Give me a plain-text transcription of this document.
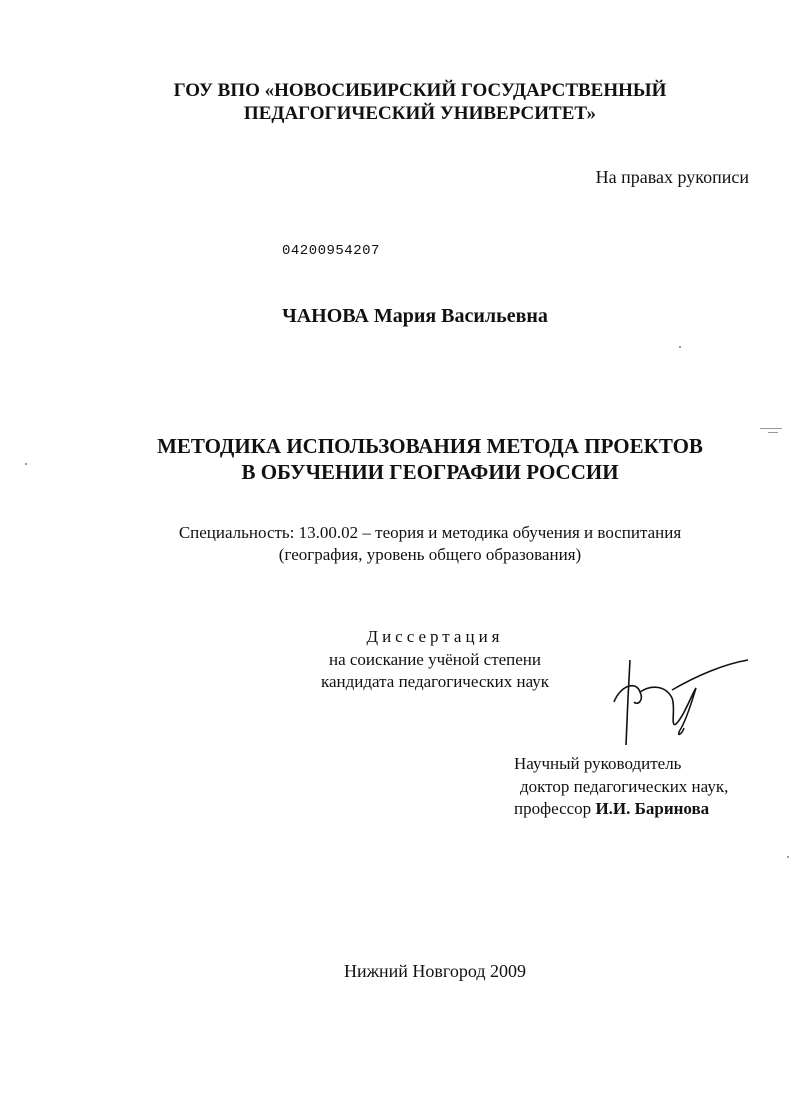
ГОУ ВПО «НОВОСИБИРСКИЙ ГОСУДАРСТВЕННЫЙ
ПЕДАГОГИЧЕСКИЙ УНИВЕРСИТЕТ»
На правах рукописи
04200954207
ЧАНОВА Мария Васильевна
МЕТОДИКА ИСПОЛЬЗОВАНИЯ МЕТОДА ПРОЕКТОВ
В ОБУЧЕНИИ ГЕОГРАФИИ РОССИИ
Специальность: 13.00.02 – теория и методика обучения и воспитания
(география, уровень общего образования)
Диссертация
на соискание учёной степени
кандидата педагогических наук
Научный руководитель
доктор педагогических наук,
профессор И.И. Баринова
Нижний Новгород 2009
